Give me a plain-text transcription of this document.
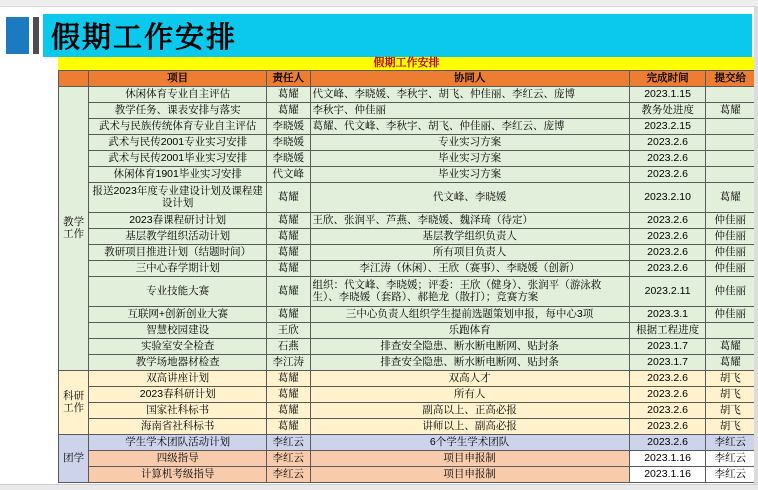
假期工作安排
假期工作安排
	项目	责任人	协同人	完成时间	提交给
教学
工作	休闲体育专业自主评估	葛耀	代文峰、李晓媛、李秋宇、胡飞、仲佳丽、李红云、庞博	2023.1.15	
	教学任务、课表安排与落实	葛耀	李秋宇、仲佳丽	教务处进度	葛耀
	武术与民族传统体育专业自主评估	李晓媛	葛耀、代文峰、李秋宇、胡飞、仲佳丽、李红云、庞博	2023.2.15	
	武术与民传2001专业实习安排	李晓媛	专业实习方案	2023.2.6	
	武术与民传2001毕业实习安排	李晓媛	毕业实习方案	2023.2.6	
	休闲体育1901毕业实习安排	代文峰	毕业实习方案	2023.2.6	
	报送2023年度专业建设计划及课程建设计划	葛耀	代文峰、李晓媛	2023.2.10	葛耀
	2023春课程研讨计划	葛耀	王欣、张润平、芦燕、李晓媛、魏泽琦（待定）	2023.2.6	仲佳丽
	基层教学组织活动计划	葛耀	基层教学组织负责人	2023.2.6	仲佳丽
	教研项目推进计划（结题时间）	葛耀	所有项目负责人	2023.2.6	仲佳丽
	三中心春学期计划	葛耀	李江涛（休闲）、王欣（赛事）、李晓媛（创新）	2023.2.6	仲佳丽
	专业技能大赛	葛耀	组织：代文峰、李晓媛；评委：王欣（健身）、张润平（游泳救生）、李晓媛（套路）、郝艳龙（散打）；竞赛方案	2023.2.11	仲佳丽
	互联网+创新创业大赛	葛耀	三中心负责人组织学生提前选题策划申报，每中心3项	2023.3.1	仲佳丽
	智慧校园建设	王欣	乐跑体育	根据工程进度	
	实验室安全检查	石燕	排查安全隐患、断水断电断网、贴封条	2023.1.7	葛耀
	教学场地器材检查	李江涛	排查安全隐患、断水断电断网、贴封条	2023.1.7	葛耀
科研
工作	双高讲座计划	葛耀	双高人才	2023.2.6	胡飞
	2023春科研计划	葛耀	所有人	2023.2.6	胡飞
	国家社科标书	葛耀	副高以上、正高必报	2023.2.6	胡飞
	海南省社科标书	葛耀	讲师以上、副高必报	2023.2.6	胡飞
团学	学生学术团队活动计划	李红云	6个学生学术团队	2023.2.6	李红云
	四级指导	李红云	项目申报制	2023.1.16	李红云
	计算机考级指导	李红云	项目申报制	2023.1.16	李红云
